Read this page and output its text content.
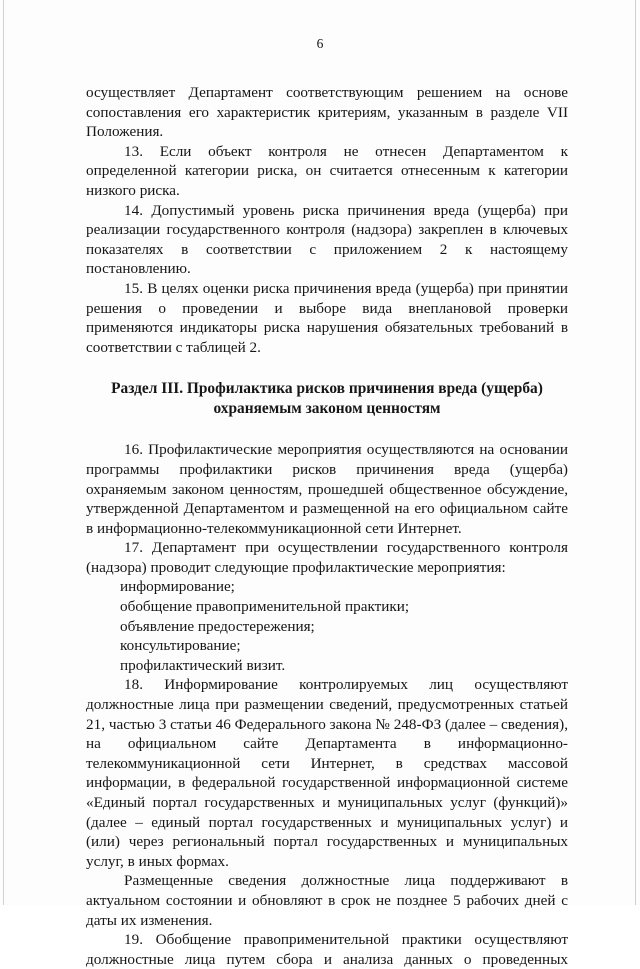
6

осуществляет Департамент соответствующим решением на основе сопоставления его характеристик критериям, указанным в разделе VII Положения.

13. Если объект контроля не отнесен Департаментом к определенной категории риска, он считается отнесенным к категории низкого риска.

14. Допустимый уровень риска причинения вреда (ущерба) при реализации государственного контроля (надзора) закреплен в ключевых показателях в соответствии с приложением 2 к настоящему постановлению.

15. В целях оценки риска причинения вреда (ущерба) при принятии решения о проведении и выборе вида внеплановой проверки применяются индикаторы риска нарушения обязательных требований в соответствии с таблицей 2.

Раздел III. Профилактика рисков причинения вреда (ущерба)
охраняемым законом ценностям

16. Профилактические мероприятия осуществляются на основании программы профилактики рисков причинения вреда (ущерба) охраняемым законом ценностям, прошедшей общественное обсуждение, утвержденной Департаментом и размещенной на его официальном сайте в информационно-телекоммуникационной сети Интернет.

17. Департамент при осуществлении государственного контроля (надзора) проводит следующие профилактические мероприятия:

информирование;

обобщение правоприменительной практики;

объявление предостережения;

консультирование;

профилактический визит.

18. Информирование контролируемых лиц осуществляют должностные лица при размещении сведений, предусмотренных статьей 21, частью 3 статьи 46 Федерального закона № 248-ФЗ (далее – сведения), на официальном сайте Департамента в информационно-телекоммуникационной сети Интернет, в средствах массовой информации, в федеральной государственной информационной системе «Единый портал государственных и муниципальных услуг (функций)» (далее – единый портал государственных и муниципальных услуг) и (или) через региональный портал государственных и муниципальных услуг, в иных формах.

Размещенные сведения должностные лица поддерживают в актуальном состоянии и обновляют в срок не позднее 5 рабочих дней с даты их изменения.

19. Обобщение правоприменительной практики осуществляют должностные лица путем сбора и анализа данных о проведенных
